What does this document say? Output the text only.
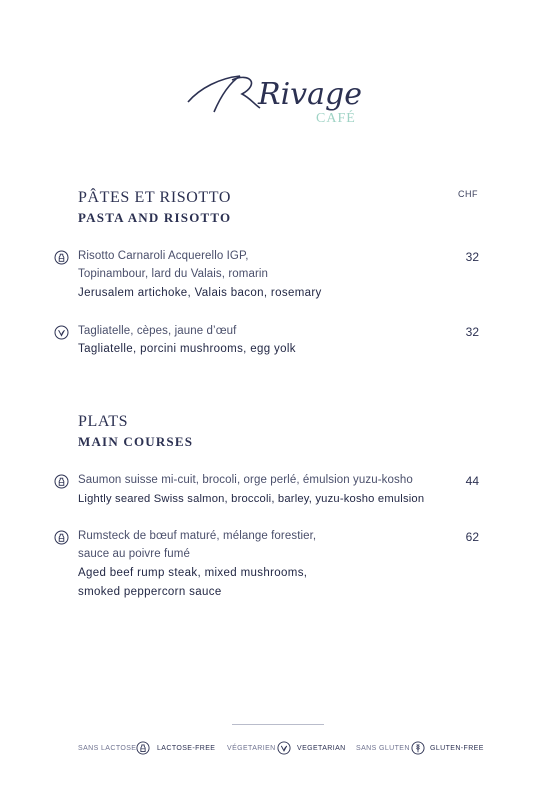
Rivage
CAFÉ
CHF
PÂTES ET RISOTTO
PASTA AND RISOTTO
Risotto Carnaroli Acquerello IGP,
Topinambour, lard du Valais, romarin
Jerusalem artichoke, Valais bacon, rosemary
32
Tagliatelle, cèpes, jaune d’œuf
Tagliatelle, porcini mushrooms, egg yolk
32
PLATS
MAIN COURSES
Saumon suisse mi-cuit, brocoli, orge perlé, émulsion yuzu-kosho
Lightly seared Swiss salmon, broccoli, barley, yuzu-kosho emulsion
44
Rumsteck de bœuf maturé, mélange forestier,
sauce au poivre fumé
Aged beef rump steak, mixed mushrooms,
smoked peppercorn sauce
62
SANS LACTOSE	LACTOSE-FREE VÉGETARIEN	VEGETARIAN SANS GLUTEN	GLUTEN-FREE
